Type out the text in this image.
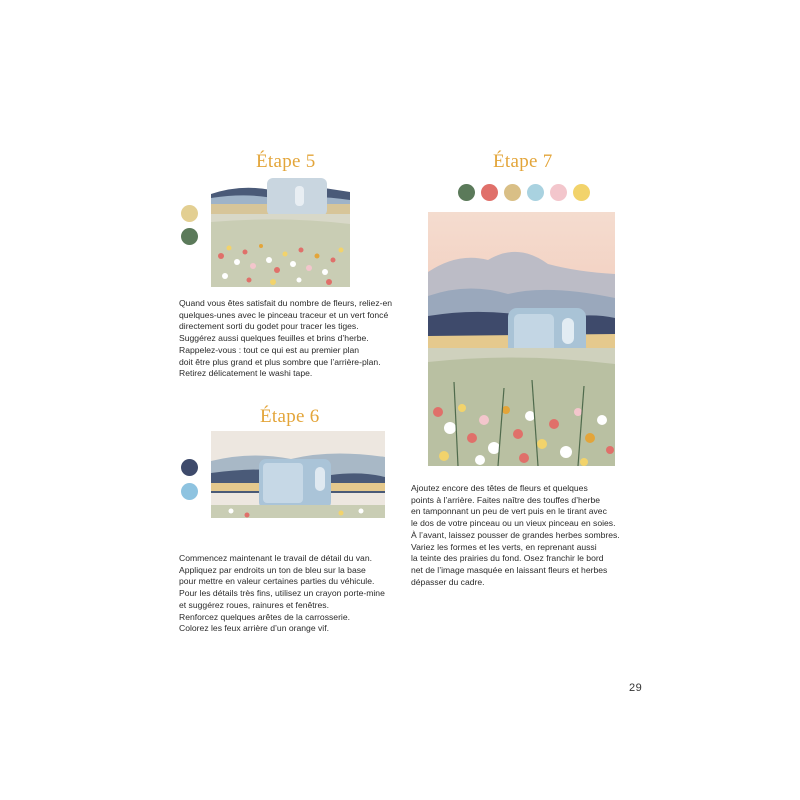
Étape 5

Quand vous êtes satisfait du nombre de fleurs, reliez-en
quelques-unes avec le pinceau traceur et un vert foncé
directement sorti du godet pour tracer les tiges.
Suggérez aussi quelques feuilles et brins d’herbe.
Rappelez-vous : tout ce qui est au premier plan
doit être plus grand et plus sombre que l’arrière-plan.
Retirez délicatement le washi tape.

Étape 6

Commencez maintenant le travail de détail du van.
Appliquez par endroits un ton de bleu sur la base
pour mettre en valeur certaines parties du véhicule.
Pour les détails très fins, utilisez un crayon porte-mine
et suggérez roues, rainures et fenêtres.
Renforcez quelques arêtes de la carrosserie.
Colorez les feux arrière d’un orange vif.

Étape 7

Ajoutez encore des têtes de fleurs et quelques
points à l’arrière. Faites naître des touffes d’herbe
en tamponnant un peu de vert puis en le tirant avec
le dos de votre pinceau ou un vieux pinceau en soies.
À l’avant, laissez pousser de grandes herbes sombres.
Variez les formes et les verts, en reprenant aussi
la teinte des prairies du fond. Osez franchir le bord
net de l’image masquée en laissant fleurs et herbes
dépasser du cadre.

29
